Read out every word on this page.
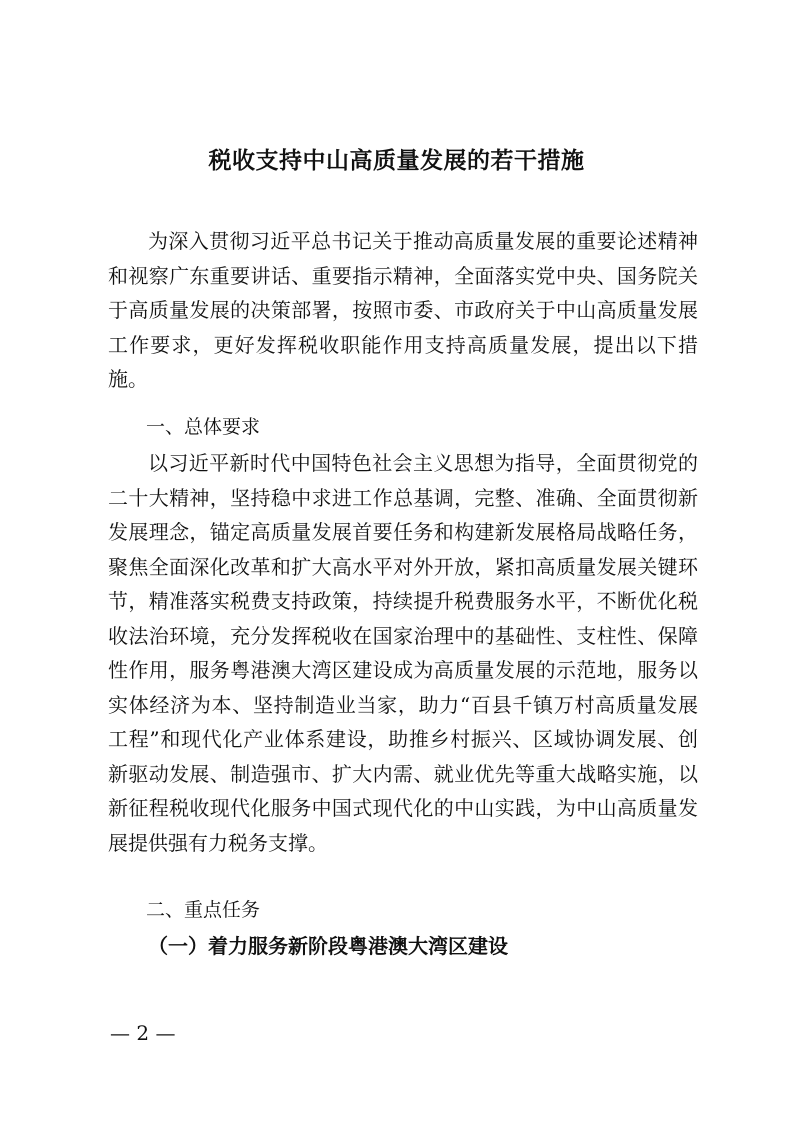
税收支持中山高质量发展的若干措施

为深入贯彻习近平总书记关于推动高质量发展的重要论述精神和视察广东重要讲话、重要指示精神，全面落实党中央、国务院关于高质量发展的决策部署，按照市委、市政府关于中山高质量发展工作要求，更好发挥税收职能作用支持高质量发展，提出以下措施。

一、总体要求

以习近平新时代中国特色社会主义思想为指导，全面贯彻党的二十大精神，坚持稳中求进工作总基调，完整、准确、全面贯彻新发展理念，锚定高质量发展首要任务和构建新发展格局战略任务，聚焦全面深化改革和扩大高水平对外开放，紧扣高质量发展关键环节，精准落实税费支持政策，持续提升税费服务水平，不断优化税收法治环境，充分发挥税收在国家治理中的基础性、支柱性、保障性作用，服务粤港澳大湾区建设成为高质量发展的示范地，服务以实体经济为本、坚持制造业当家，助力“百县千镇万村高质量发展工程”和现代化产业体系建设，助推乡村振兴、区域协调发展、创新驱动发展、制造强市、扩大内需、就业优先等重大战略实施，以新征程税收现代化服务中国式现代化的中山实践，为中山高质量发展提供强有力税务支撑。

二、重点任务

（一）着力服务新阶段粤港澳大湾区建设

— 2 —
